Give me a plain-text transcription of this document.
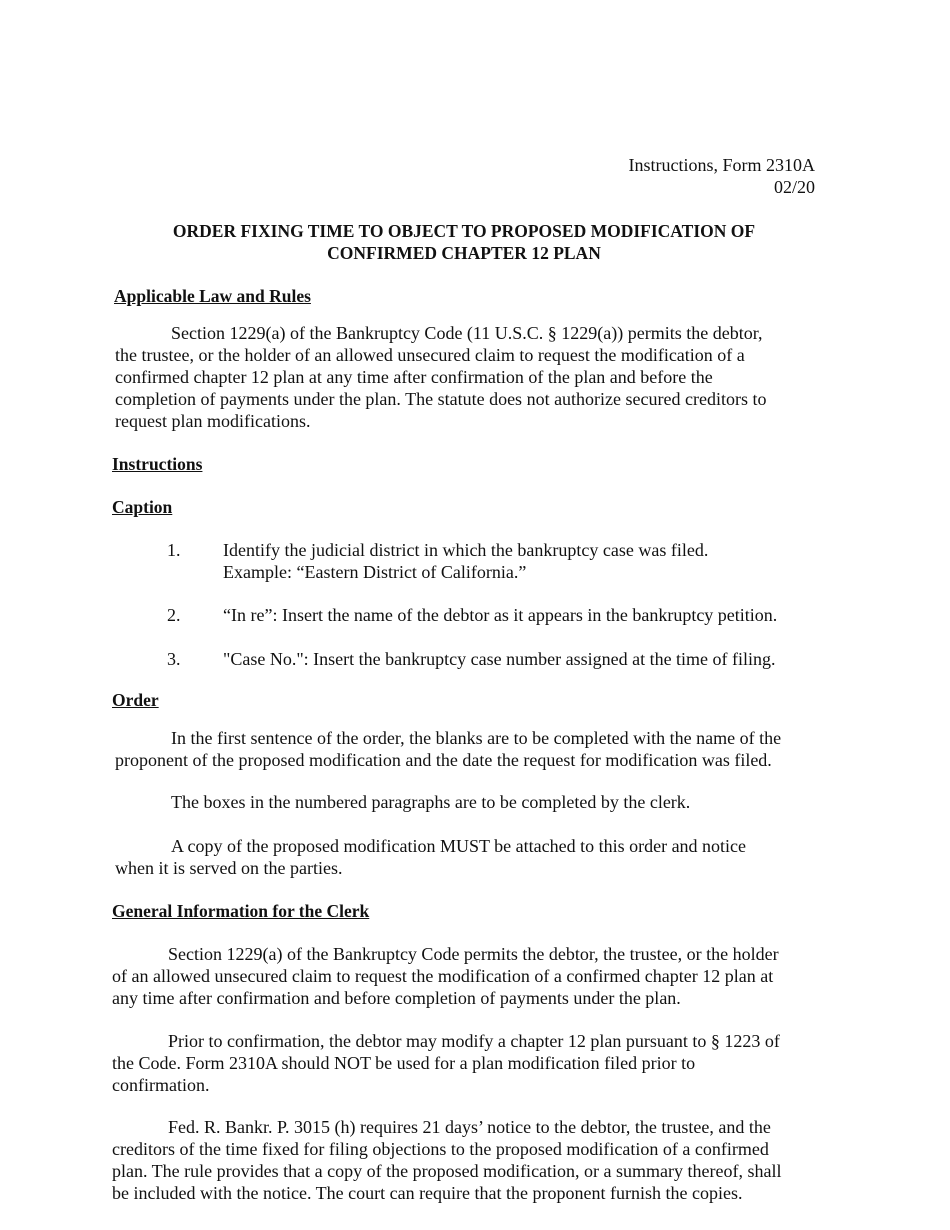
Instructions, Form 2310A
02/20
ORDER FIXING TIME TO OBJECT TO PROPOSED MODIFICATION OF
CONFIRMED CHAPTER 12 PLAN
Applicable Law and Rules
Section 1229(a) of the Bankruptcy Code (11 U.S.C. § 1229(a)) permits the debtor,
the trustee, or the holder of an allowed unsecured claim to request the modification of a
confirmed chapter 12 plan at any time after confirmation of the plan and before the
completion of payments under the plan. The statute does not authorize secured creditors to
request plan modifications.
Instructions
Caption
1. Identify the judicial district in which the bankruptcy case was filed.
Example: “Eastern District of California.”
2. “In re”: Insert the name of the debtor as it appears in the bankruptcy petition.
3. "Case No.": Insert the bankruptcy case number assigned at the time of filing.
Order
In the first sentence of the order, the blanks are to be completed with the name of the
proponent of the proposed modification and the date the request for modification was filed.
The boxes in the numbered paragraphs are to be completed by the clerk.
A copy of the proposed modification MUST be attached to this order and notice
when it is served on the parties.
General Information for the Clerk
Section 1229(a) of the Bankruptcy Code permits the debtor, the trustee, or the holder
of an allowed unsecured claim to request the modification of a confirmed chapter 12 plan at
any time after confirmation and before completion of payments under the plan.
Prior to confirmation, the debtor may modify a chapter 12 plan pursuant to § 1223 of
the Code. Form 2310A should NOT be used for a plan modification filed prior to
confirmation.
Fed. R. Bankr. P. 3015 (h) requires 21 days’ notice to the debtor, the trustee, and the
creditors of the time fixed for filing objections to the proposed modification of a confirmed
plan. The rule provides that a copy of the proposed modification, or a summary thereof, shall
be included with the notice. The court can require that the proponent furnish the copies.
